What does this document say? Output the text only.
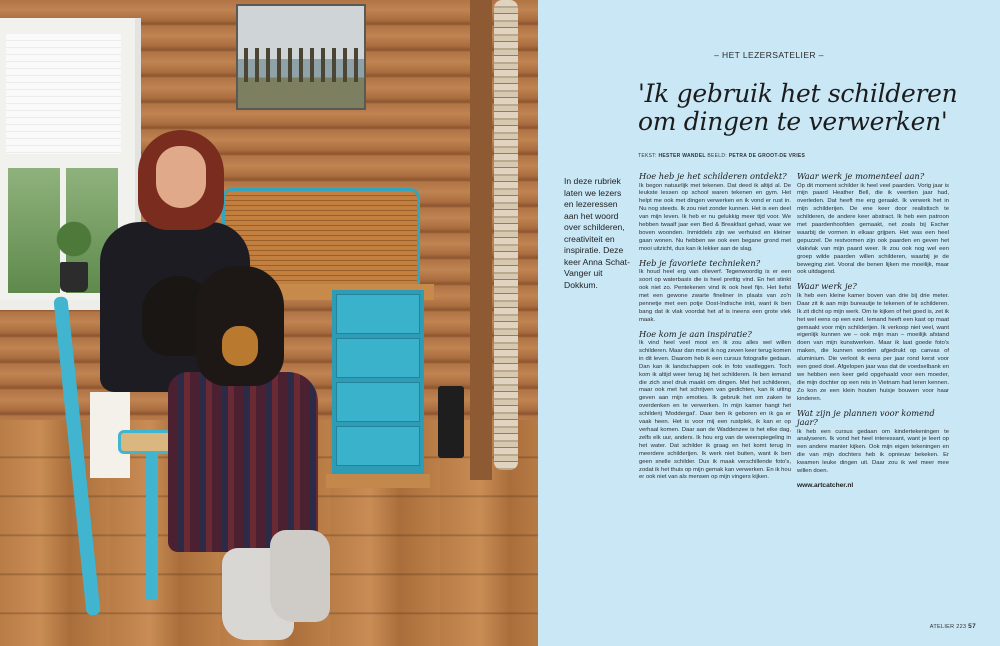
– HET LEZERSATELIER –
'Ik gebruik het schilderen om dingen te verwerken'
TEKST: HESTER WANDEL BEELD: PETRA DE GROOT-DE VRIES

In deze rubriek laten we lezers en lezeressen aan het woord over schilderen, creativiteit en inspiratie. Deze keer Anna Schat-Vanger uit Dokkum.

Hoe heb je het schilderen ontdekt?

Ik begon natuurlijk met tekenen. Dat deed ik altijd al. De leukste lessen op school waren tekenen en gym. Het helpt me ook met dingen verwerken en ik vond er rust in. Nu nog steeds. Ik zou niet zonder kunnen. Het is een deel van mijn leven. Ik heb er nu gelukkig meer tijd voor. We hebben twaalf jaar een Bed & Breakfast gehad, waar we boven woonden. Inmiddels zijn we verhuisd en kleiner gaan wonen. Nu hebben we ook een begane grond met mooi uitzicht, dus kan ik lekker aan de slag.

Heb je favoriete technieken?

Ik houd heel erg van olieverf. Tegenwoordig is er een soort op waterbasis die is heel prettig vind. En het stinkt ook niet zo. Pentekenen vind ik ook heel fijn. Het liefst met een gewone zwarte fineliner in plaats van zo'n pennetje met een potje Oost-Indische inkt, want ik ben bang dat ik vlak voordat het af is ineens een grote vlek maak.

Hoe kom je aan inspiratie?

Ik vind heel veel mooi en ik zou alles wel willen schilderen. Maar dan moet ik nog zeven keer terug komen in dit leven. Daarom heb ik een cursus fotografie gedaan. Dan kan ik landschappen ook in foto vastleggen. Toch kom ik altijd weer terug bij het schilderen. Ik ben iemand die zich snel druk maakt om dingen. Met het schilderen, maar ook met het schrijven van gedichten, kan ik uiting geven aan mijn emoties. Ik gebruik het om zaken te overdenken en te verwerken. In mijn kamer hangt het schilderij 'Moddergat'. Daar ben ik geboren en ik ga er vaak heen. Het is voor mij een rustplek, ik kan er op verhaal komen. Daar aan de Waddenzee is het elke dag, zelfs elk uur, anders. Ik hou erg van de weerspiegeling in het water. Dat schilder ik graag en het komt terug in meerdere schilderijen. Ik werk niet buiten, want ik ben geen snelle schilder. Dus ik maak verschillende foto's, zodat ik het thuis op mijn gemak kan verwerken. En ik hou er ook niet van als mensen op mijn vingers kijken.

Waar werk je momenteel aan?

Op dit moment schilder ik heel veel paarden. Vorig jaar is mijn paard Heather Bell, die ik veertien jaar had, overleden. Dat heeft me erg geraakt. Ik verwerk het in mijn schilderijen. De ene keer door realistisch te schilderen, de andere keer abstract. Ik heb een patroon met paardenhoofden gemaakt, net zoals bij Escher waarbij de vormen in elkaar grijpen. Het was een heel gepuzzel. De restvormen zijn ook paarden en geven het vlakvlak van mijn paard weer. Ik zou ook nog wel een groep wilde paarden willen schilderen, waarbij je de beweging ziet. Vooral die benen lijken me moeilijk, maar ook uitdagend.

Waar werk je?

Ik heb een kleine kamer boven van drie bij drie meter. Daar zit ik aan mijn bureautje te tekenen of te schilderen. Ik zit dicht op mijn werk. Om te kijken of het goed is, zet ik het wel eens op een ezel. Iemand heeft een kast op maat gemaakt voor mijn schilderijen. Ik verkoop niet veel, want eigenlijk kunnen we – ook mijn man – moeilijk afstand doen van mijn kunstwerken. Maar ik laat goede foto's maken, die kunnen worden afgedrukt op canvas of aluminium. Die verloot ik eens per jaar rond kerst voor een goed doel. Afgelopen jaar was dat de voedselbank en we hebben een keer geld opgehaald voor een moeder, die mijn dochter op een reis in Vietnam had leren kennen. Zo kon ze een klein houten huisje bouwen voor haar kinderen.

Wat zijn je plannen voor komend jaar?

Ik heb een cursus gedaan om kindertekeningen te analyseren. Ik vond het heel interessant, want je leert op een andere manier kijken. Ook mijn eigen tekeningen en die van mijn dochters heb ik opnieuw bekeken. Er kwamen leuke dingen uit. Daar zou ik wel meer mee willen doen.

www.artcatcher.nl
ATELIER 223 57
